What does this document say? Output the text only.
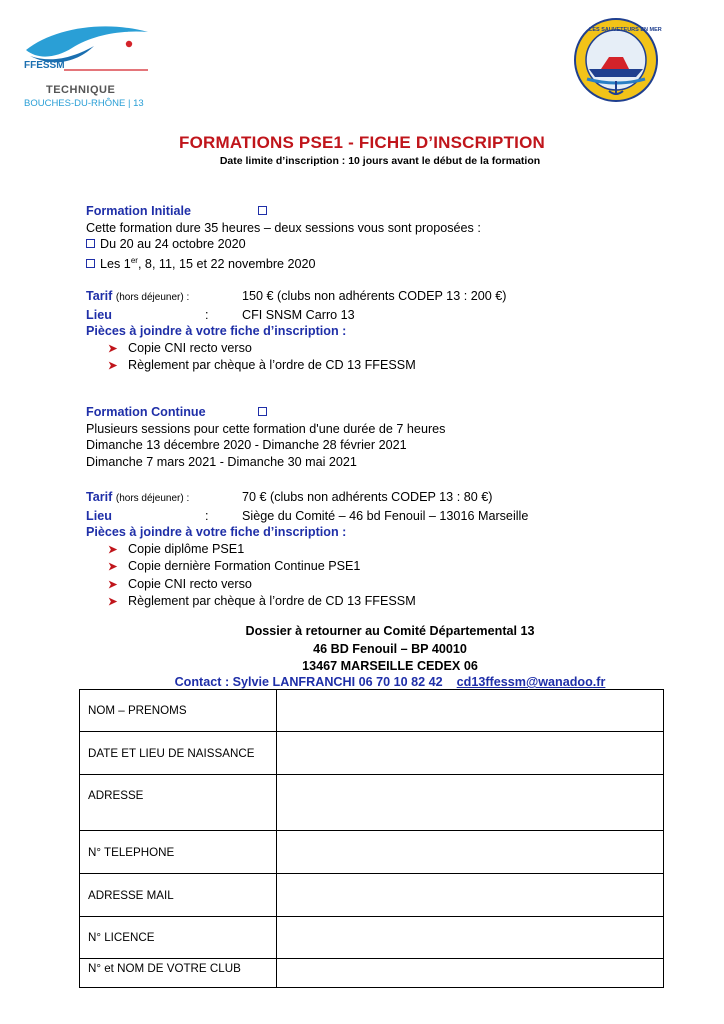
FFESSM
TECHNIQUE
BOUCHES-DU-RHÔNE | 13
LES SAUVETEURS EN MER
FORMATIONS PSE1 - FICHE D’INSCRIPTION
Date limite d’inscription : 10 jours avant le début de la formation
Formation Initiale
Cette formation dure 35 heures – deux sessions vous sont proposées :
Du 20 au 24 octobre 2020
Les 1er, 8, 11, 15 et 22 novembre 2020
Tarif (hors déjeuner) :	150 € (clubs non adhérents CODEP 13 : 200 €)
Lieu	:	CFI SNSM Carro 13
Pièces à joindre à votre fiche d’inscription :
➤ Copie CNI recto verso
➤ Règlement par chèque à l’ordre de CD 13 FFESSM
Formation Continue
Plusieurs sessions pour cette formation d'une durée de 7 heures
Dimanche 13 décembre 2020 - Dimanche 28 février 2021
Dimanche 7 mars 2021 - Dimanche 30 mai 2021
Tarif (hors déjeuner) :	70 € (clubs non adhérents CODEP 13 : 80 €)
Lieu	:	Siège du Comité – 46 bd Fenouil – 13016 Marseille
Pièces à joindre à votre fiche d’inscription :
➤ Copie diplôme PSE1
➤ Copie dernière Formation Continue PSE1
➤ Copie CNI recto verso
➤ Règlement par chèque à l’ordre de CD 13 FFESSM
Dossier à retourner au Comité Départemental 13
46 BD Fenouil – BP 40010
13467 MARSEILLE CEDEX 06
Contact : Sylvie LANFRANCHI 06 70 10 82 42 cd13ffessm@wanadoo.fr
NOM – PRENOMS	
DATE ET LIEU DE NAISSANCE	
ADRESSE	
N° TELEPHONE	
ADRESSE MAIL	
N° LICENCE	
N° et NOM DE VOTRE CLUB	
